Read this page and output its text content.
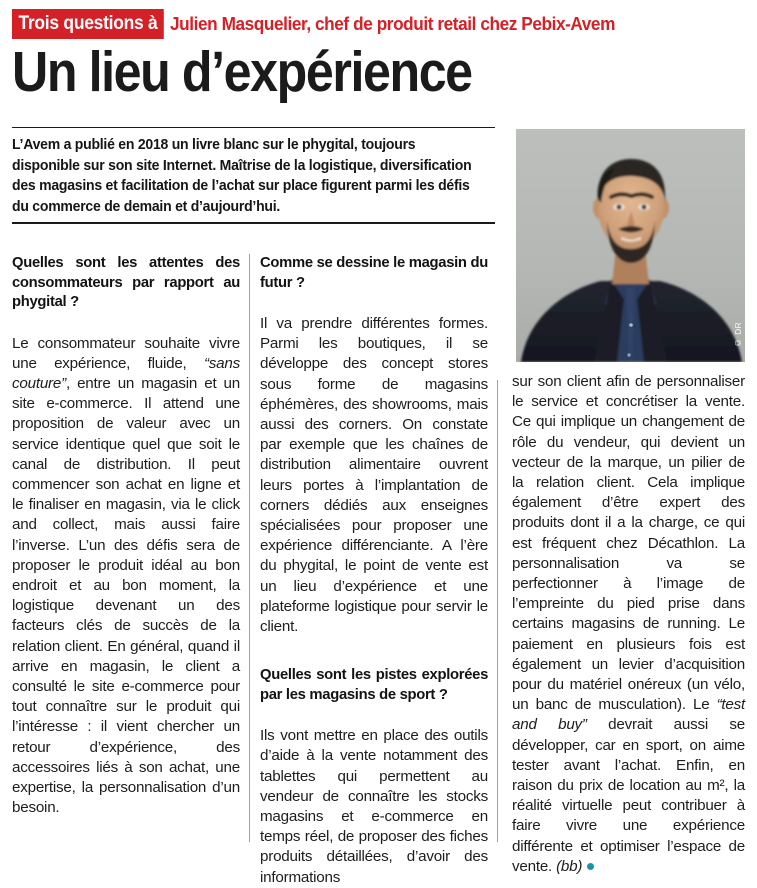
Trois questions à Julien Masquelier, chef de produit retail chez Pebix-Avem
Un lieu d’expérience

L’Avem a publié en 2018 un livre blanc sur le phygital, toujours disponible sur son site Internet. Maîtrise de la logistique, diversification des magasins et facilitation de l’achat sur place figurent parmi les défis du commerce de demain et d’aujourd’hui.

© DR

Quelles sont les attentes des consommateurs par rapport au phygital ?

Le consommateur souhaite vivre une expérience, fluide, “sans couture”, entre un magasin et un site e-commerce. Il attend une proposition de valeur avec un service identique quel que soit le canal de distribution. Il peut commencer son achat en ligne et le finaliser en magasin, via le click and collect, mais aussi faire l’inverse. L’un des défis sera de proposer le produit idéal au bon endroit et au bon moment, la logistique devenant un des facteurs clés de succès de la relation client. En général, quand il arrive en magasin, le client a consulté le site e-commerce pour tout connaître sur le produit qui l’intéresse : il vient chercher un retour d’expérience, des accessoires liés à son achat, une expertise, la personnalisation d’un besoin.

Comme se dessine le magasin du futur ?

Il va prendre différentes formes. Parmi les boutiques, il se développe des concept stores sous forme de magasins éphémères, des showrooms, mais aussi des corners. On constate par exemple que les chaînes de distribution alimentaire ouvrent leurs portes à l’implantation de corners dédiés aux enseignes spécialisées pour proposer une expérience différenciante. A l’ère du phygital, le point de vente est un lieu d’expérience et une plateforme logistique pour servir le client.

Quelles sont les pistes explorées par les magasins de sport ?

Ils vont mettre en place des outils d’aide à la vente notamment des tablettes qui permettent au vendeur de connaître les stocks magasins et e-commerce en temps réel, de proposer des fiches produits détaillées, d’avoir des informations

sur son client afin de personnaliser le service et concrétiser la vente. Ce qui implique un changement de rôle du vendeur, qui devient un vecteur de la marque, un pilier de la relation client. Cela implique également d’être expert des produits dont il a la charge, ce qui est fréquent chez Décathlon. La personnalisation va se perfectionner à l’image de l’empreinte du pied prise dans certains magasins de running. Le paiement en plusieurs fois est également un levier d’acquisition pour du matériel onéreux (un vélo, un banc de musculation). Le “test and buy” devrait aussi se développer, car en sport, on aime tester avant l’achat. Enfin, en raison du prix de location au m², la réalité virtuelle peut contribuer à faire vivre une expérience différente et optimiser l’espace de vente. (bb)
